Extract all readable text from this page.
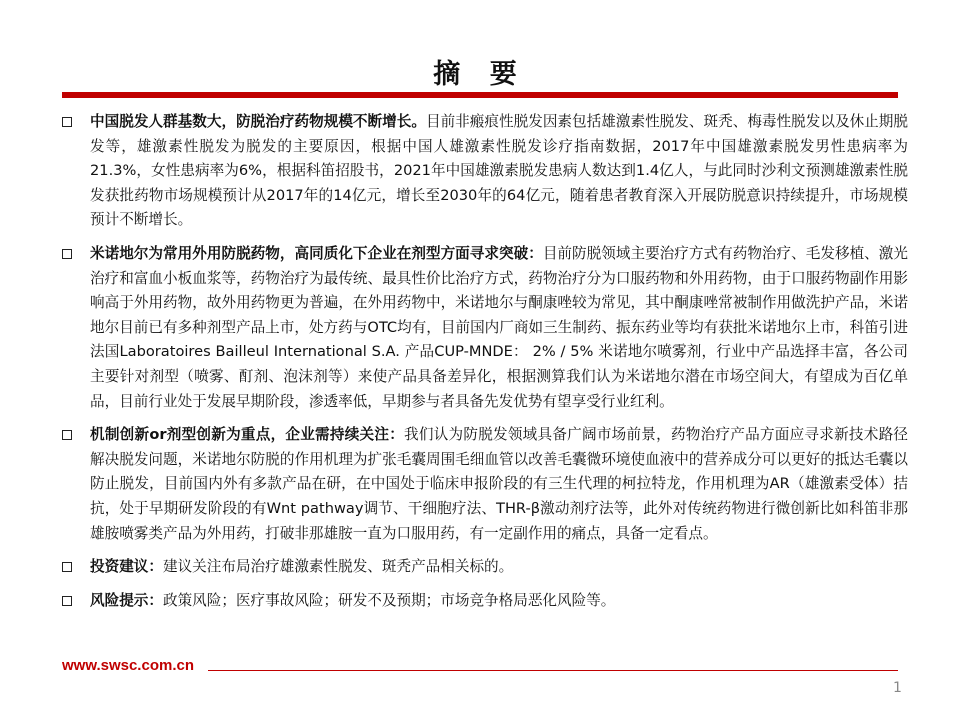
摘 要
中国脱发人群基数大，防脱治疗药物规模不断增长。目前非瘢痕性脱发因素包括雄激素性脱发、斑秃、梅毒性脱发以及休止期脱发等，雄激素性脱发为脱发的主要原因，根据中国人雄激素性脱发诊疗指南数据，2017年中国雄激素脱发男性患病率为21.3%，女性患病率为6%，根据科笛招股书，2021年中国雄激素脱发患病人数达到1.4亿人，与此同时沙利文预测雄激素性脱发获批药物市场规模预计从2017年的14亿元，增长至2030年的64亿元，随着患者教育深入开展防脱意识持续提升，市场规模预计不断增长。
米诺地尔为常用外用防脱药物，高同质化下企业在剂型方面寻求突破：目前防脱领域主要治疗方式有药物治疗、毛发移植、激光治疗和富血小板血浆等，药物治疗为最传统、最具性价比治疗方式，药物治疗分为口服药物和外用药物，由于口服药物副作用影响高于外用药物，故外用药物更为普遍，在外用药物中，米诺地尔与酮康唑较为常见，其中酮康唑常被制作用做洗护产品，米诺地尔目前已有多种剂型产品上市，处方药与OTC均有，目前国内厂商如三生制药、振东药业等均有获批米诺地尔上市，科笛引进法国Laboratoires Bailleul International S.A. 产品CUP-MNDE： 2% / 5% 米诺地尔喷雾剂，行业中产品选择丰富，各公司主要针对剂型（喷雾、酊剂、泡沫剂等）来使产品具备差异化，根据测算我们认为米诺地尔潜在市场空间大，有望成为百亿单品，目前行业处于发展早期阶段，渗透率低，早期参与者具备先发优势有望享受行业红利。
机制创新or剂型创新为重点，企业需持续关注：我们认为防脱发领域具备广阔市场前景，药物治疗产品方面应寻求新技术路径解决脱发问题，米诺地尔防脱的作用机理为扩张毛囊周围毛细血管以改善毛囊微环境使血液中的营养成分可以更好的抵达毛囊以防止脱发，目前国内外有多款产品在研，在中国处于临床申报阶段的有三生代理的柯拉特龙，作用机理为AR（雄激素受体）拮抗，处于早期研发阶段的有Wnt pathway调节、干细胞疗法、THR-β激动剂疗法等，此外对传统药物进行微创新比如科笛非那雄胺喷雾类产品为外用药，打破非那雄胺一直为口服用药，有一定副作用的痛点，具备一定看点。
投资建议：建议关注布局治疗雄激素性脱发、斑秃产品相关标的。
风险提示：政策风险；医疗事故风险；研发不及预期；市场竞争格局恶化风险等。
www.swsc.com.cn
1
